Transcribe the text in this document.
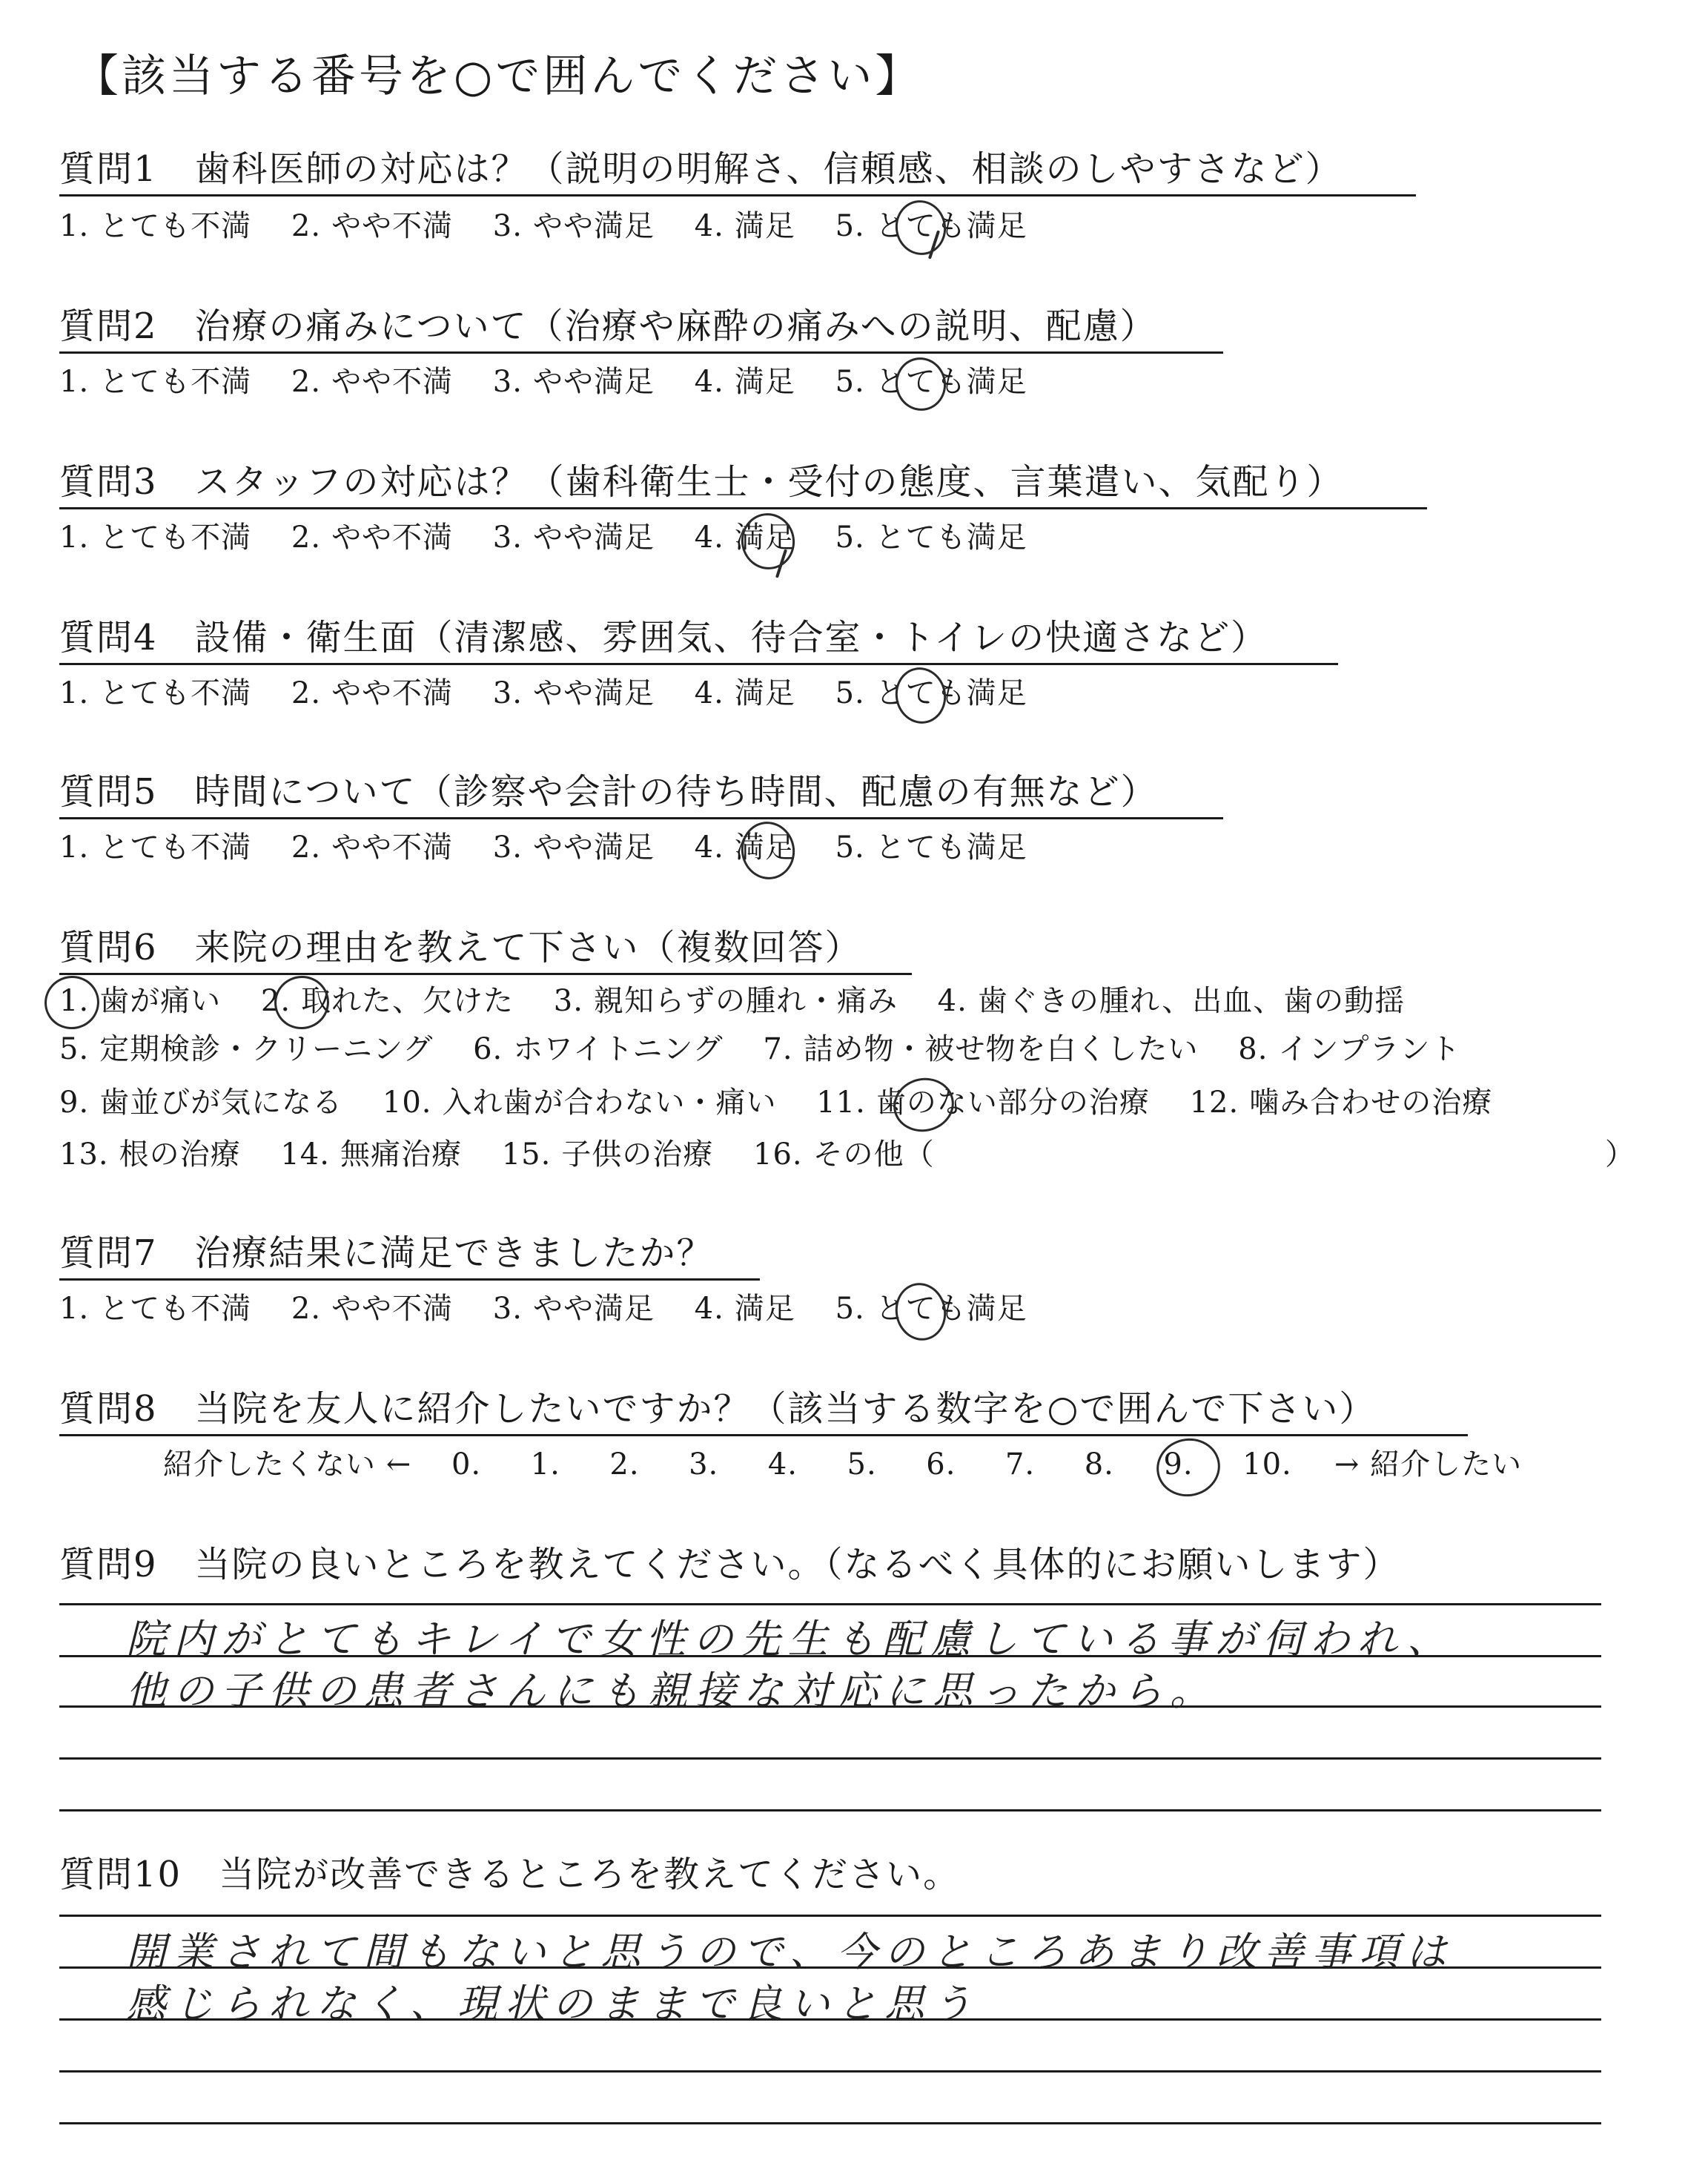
【該当する番号を○で囲んでください】
質問1　歯科医師の対応は？（説明の明解さ、信頼感、相談のしやすさなど）
1. とても不満 2. やや不満 3. やや満足 4. 満足 5. とても満足
質問2　治療の痛みについて（治療や麻酔の痛みへの説明、配慮）
1. とても不満 2. やや不満 3. やや満足 4. 満足 5. とても満足
質問3　スタッフの対応は？（歯科衛生士・受付の態度、言葉遣い、気配り）
1. とても不満 2. やや不満 3. やや満足 4. 満足 5. とても満足
質問4　設備・衛生面（清潔感、雰囲気、待合室・トイレの快適さなど）
1. とても不満 2. やや不満 3. やや満足 4. 満足 5. とても満足
質問5　時間について（診察や会計の待ち時間、配慮の有無など）
1. とても不満 2. やや不満 3. やや満足 4. 満足 5. とても満足
質問6　来院の理由を教えて下さい（複数回答）
1. 歯が痛い 2. 取れた、欠けた 3. 親知らずの腫れ・痛み 4. 歯ぐきの腫れ、出血、歯の動揺
5. 定期検診・クリーニング 6. ホワイトニング 7. 詰め物・被せ物を白くしたい 8. インプラント
9. 歯並びが気になる 10. 入れ歯が合わない・痛い 11. 歯のない部分の治療 12. 噛み合わせの治療
13. 根の治療 14. 無痛治療 15. 子供の治療 16. その他（	）
質問7　治療結果に満足できましたか？
1. とても不満 2. やや不満 3. やや満足 4. 満足 5. とても満足
質問8　当院を友人に紹介したいですか？（該当する数字を○で囲んで下さい）
紹介したくない ← 0. 1. 2. 3. 4. 5. 6. 7. 8. 9. 10. → 紹介したい
質問9　当院の良いところを教えてください。（なるべく具体的にお願いします）
院内がとてもキレイで女性の先生も配慮している事が伺われ、
他の子供の患者さんにも親接な対応に思ったから。
質問10　当院が改善できるところを教えてください。
開業されて間もないと思うので、今のところあまり改善事項は
感じられなく、現状のままで良いと思う
